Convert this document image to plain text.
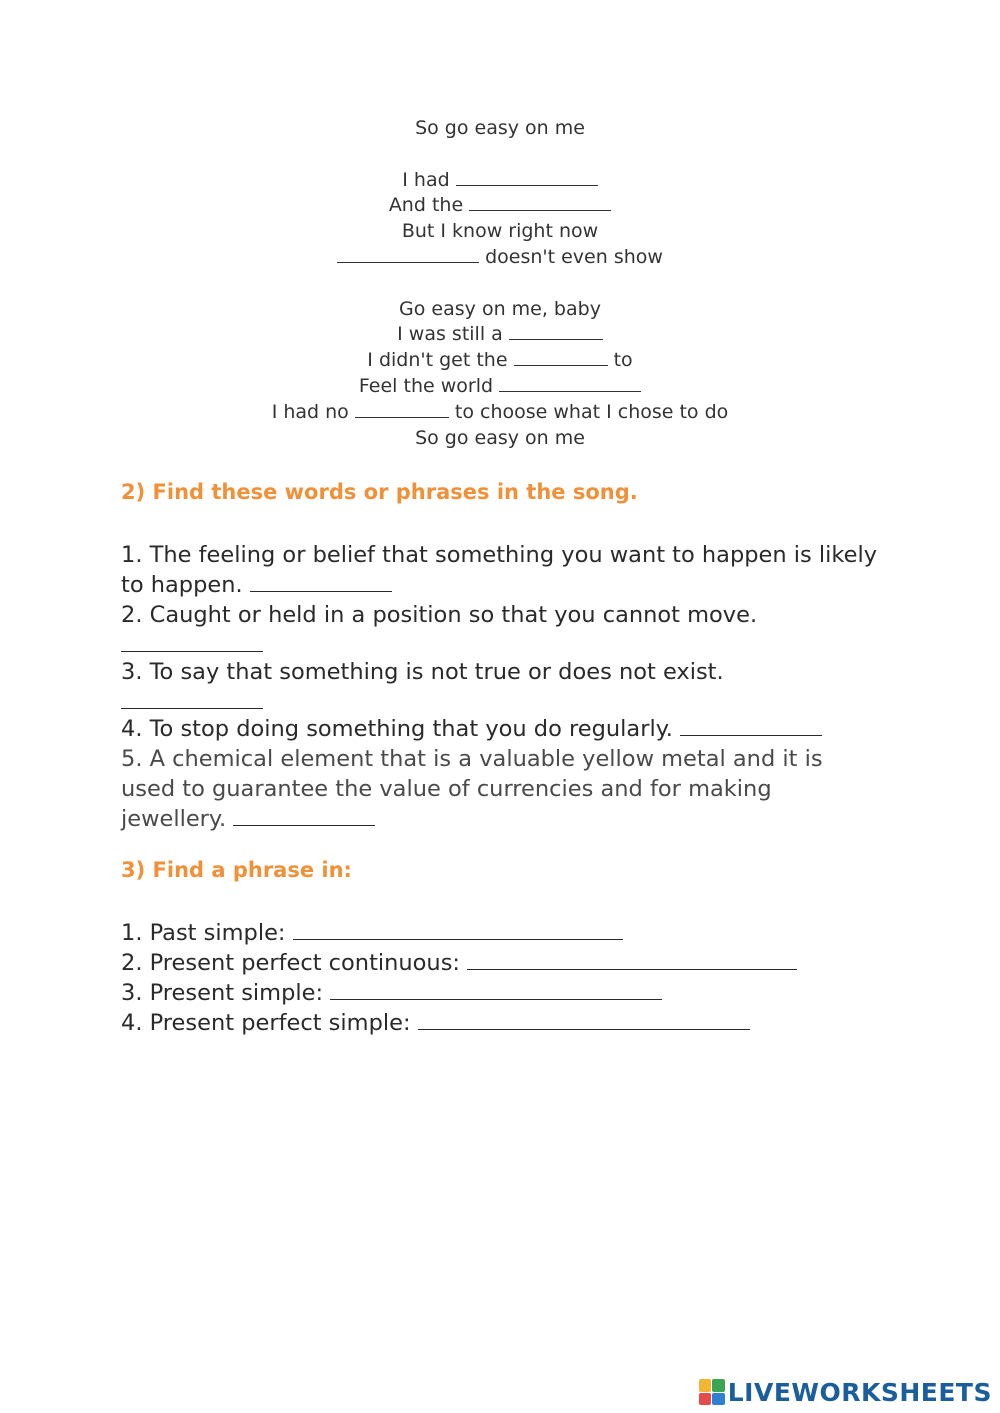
So go easy on me
I had
And the
But I know right now
doesn't even show
Go easy on me, baby
I was still a
I didn't get the	to
Feel the world
I had no	to choose what I chose to do
So go easy on me
2) Find these words or phrases in the song.

1. The feeling or belief that something you want to happen is likely to happen.

2. Caught or held in a position so that you cannot move.

3. To say that something is not true or does not exist.

4. To stop doing something that you do regularly.

5. A chemical element that is a valuable yellow metal and it is used to guarantee the value of currencies and for making jewellery.

3) Find a phrase in:
1. Past simple:
2. Present perfect continuous:
3. Present simple:
4. Present perfect simple:
LIVEWORKSHEETS
